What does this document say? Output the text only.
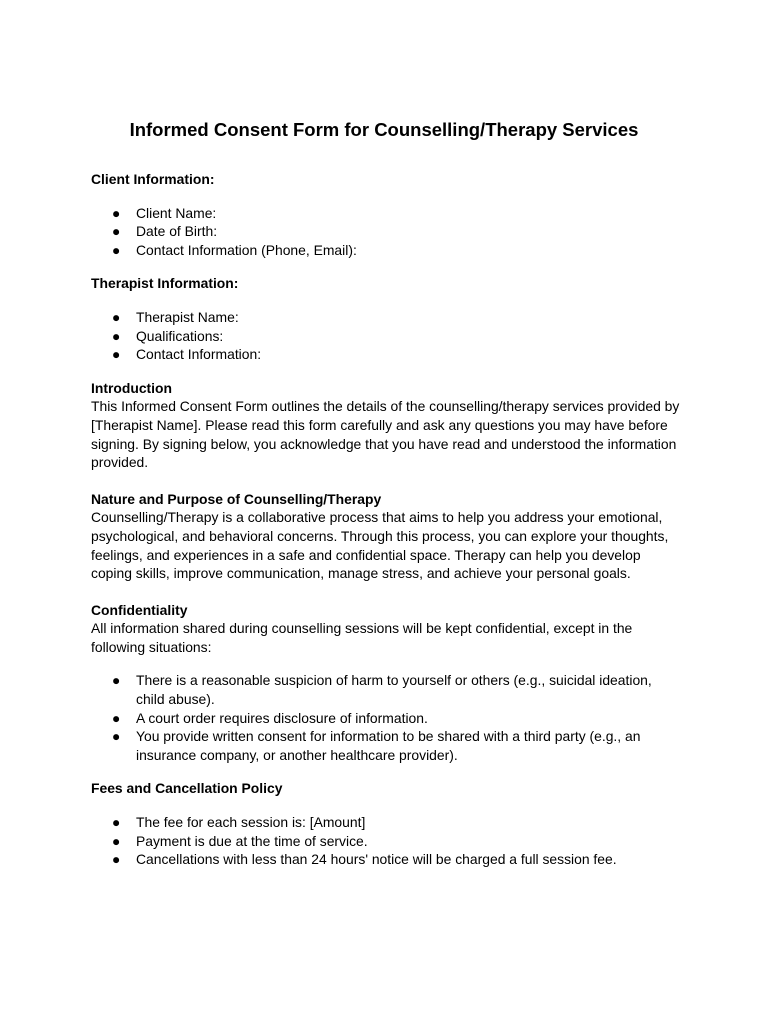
Informed Consent Form for Counselling/Therapy Services

Client Information:

● Client Name:
● Date of Birth:
● Contact Information (Phone, Email):

Therapist Information:

● Therapist Name:
● Qualifications:
● Contact Information:

Introduction

This Informed Consent Form outlines the details of the counselling/therapy services provided by
[Therapist Name]. Please read this form carefully and ask any questions you may have before
signing. By signing below, you acknowledge that you have read and understood the information
provided.

Nature and Purpose of Counselling/Therapy

Counselling/Therapy is a collaborative process that aims to help you address your emotional,
psychological, and behavioral concerns. Through this process, you can explore your thoughts,
feelings, and experiences in a safe and confidential space. Therapy can help you develop
coping skills, improve communication, manage stress, and achieve your personal goals.

Confidentiality

All information shared during counselling sessions will be kept confidential, except in the
following situations:
● There is a reasonable suspicion of harm to yourself or others (e.g., suicidal ideation,
child abuse).
● A court order requires disclosure of information.
● You provide written consent for information to be shared with a third party (e.g., an
insurance company, or another healthcare provider).

Fees and Cancellation Policy

● The fee for each session is: [Amount]
● Payment is due at the time of service.
● Cancellations with less than 24 hours' notice will be charged a full session fee.
